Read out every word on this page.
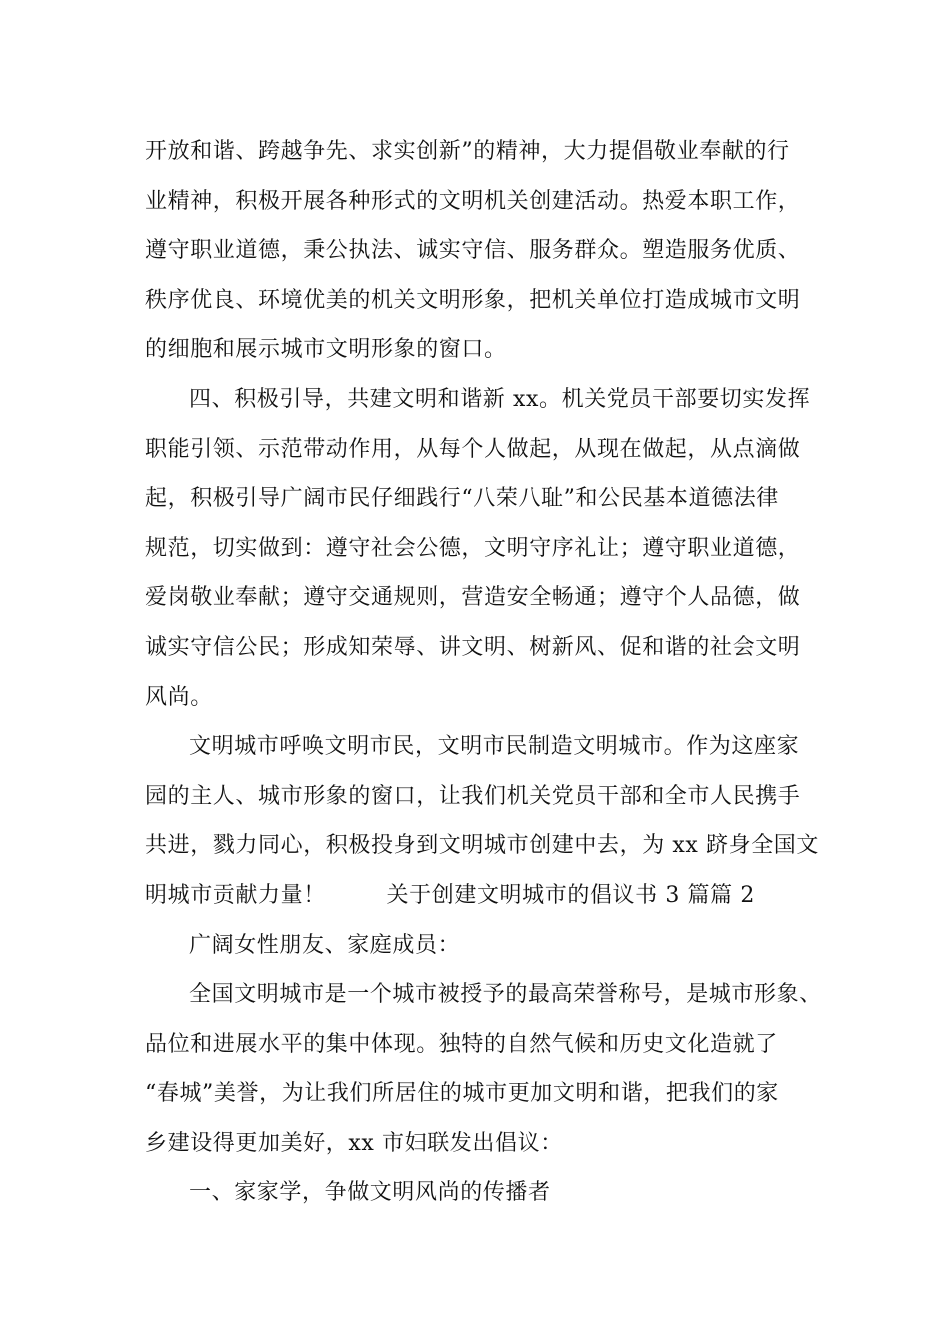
开放和谐、跨越争先、求实创新”的精神，大力提倡敬业奉献的行
业精神，积极开展各种形式的文明机关创建活动。热爱本职工作，
遵守职业道德，秉公执法、诚实守信、服务群众。塑造服务优质、
秩序优良、环境优美的机关文明形象，把机关单位打造成城市文明
的细胞和展示城市文明形象的窗口。
四、积极引导，共建文明和谐新 xx。机关党员干部要切实发挥
职能引领、示范带动作用，从每个人做起，从现在做起，从点滴做
起，积极引导广阔市民仔细践行“八荣八耻”和公民基本道德法律
规范，切实做到：遵守社会公德，文明守序礼让；遵守职业道德，
爱岗敬业奉献；遵守交通规则，营造安全畅通；遵守个人品德，做
诚实守信公民；形成知荣辱、讲文明、树新风、促和谐的社会文明
风尚。
文明城市呼唤文明市民，文明市民制造文明城市。作为这座家
园的主人、城市形象的窗口，让我们机关党员干部和全市人民携手
共进，戮力同心，积极投身到文明城市创建中去，为 xx 跻身全国文
明城市贡献力量！        关于创建文明城市的倡议书 3 篇篇 2
广阔女性朋友、家庭成员：
全国文明城市是一个城市被授予的最高荣誉称号，是城市形象、
品位和进展水平的集中体现。独特的自然气候和历史文化造就了
“春城”美誉，为让我们所居住的城市更加文明和谐，把我们的家
乡建设得更加美好，xx 市妇联发出倡议：
一、家家学，争做文明风尚的传播者
